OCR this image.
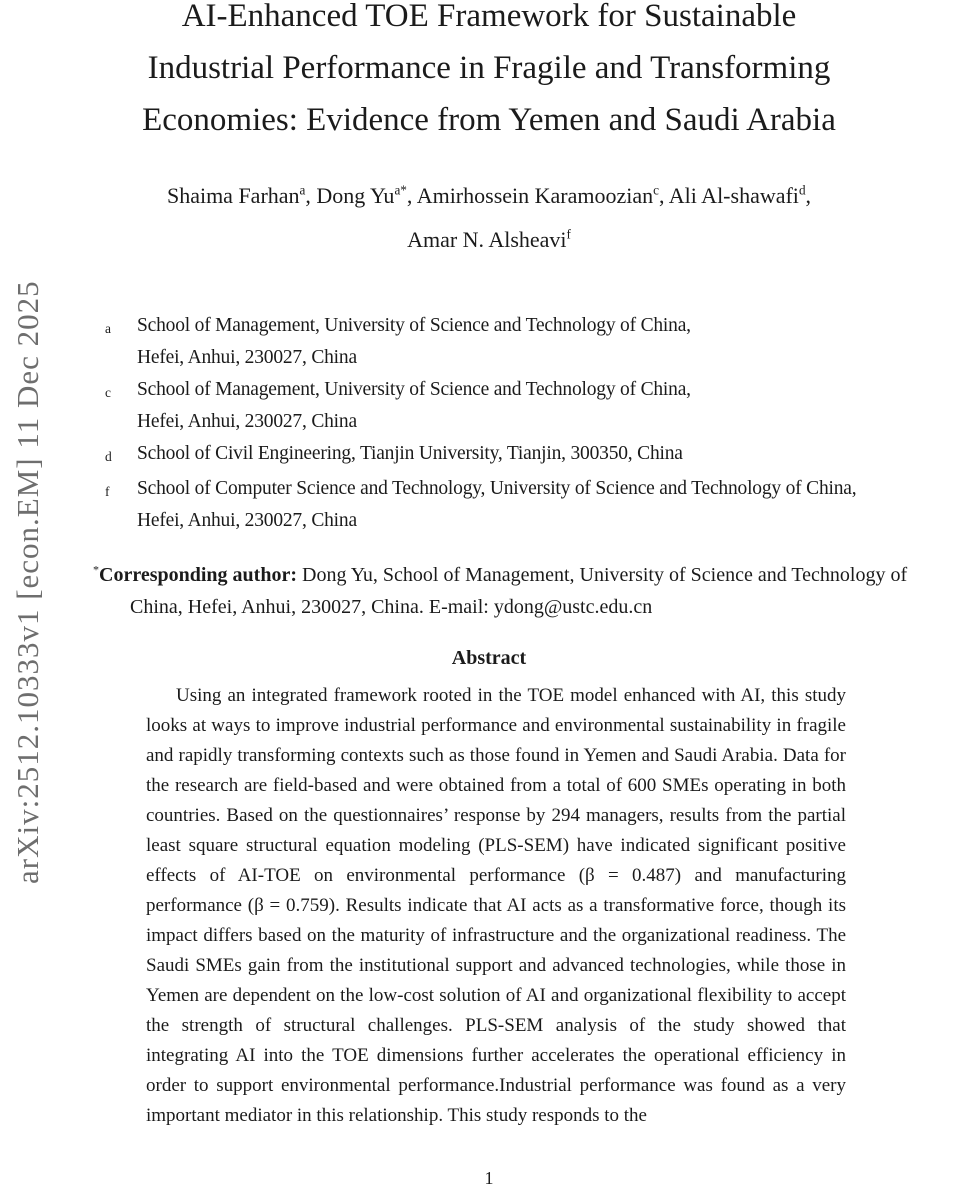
arXiv:2512.10333v1 [econ.EM] 11 Dec 2025
AI-Enhanced TOE Framework for Sustainable
Industrial Performance in Fragile and Transforming
Economies: Evidence from Yemen and Saudi Arabia
Shaima Farhan$^a$, Dong $Yu^{a*}$, Amirhossein Karamoozian$^c$, Ali Al-shawafi$^d$,
Amar N. Alsheavi$^f$
a	School of Management, University of Science and Technology of China,
Hefei, Anhui, 230027, China
c	School of Management, University of Science and Technology of China,
Hefei, Anhui, 230027, China
d	School of Civil Engineering, Tianjin University, Tianjin, 300350, China
f	School of Computer Science and Technology, University of Science and Technology of China,
Hefei, Anhui, 230027, China
*Corresponding author: Dong Yu, School of Management, University of Science and Technology of China, Hefei, Anhui, 230027, China. E-mail: ydong@ustc.edu.cn
Abstract

Using an integrated framework rooted in the TOE model enhanced with AI, this study looks at ways to improve industrial performance and environmental sustainability in fragile and rapidly transforming contexts such as those found in Yemen and Saudi Arabia. Data for the research are field-based and were obtained from a total of 600 SMEs operating in both countries. Based on the questionnaires’ response by 294 managers, results from the partial least square structural equation modeling (PLS-SEM) have indicated significant positive effects of AI-TOE on environmental performance (β = 0.487) and manufacturing performance (β = 0.759). Results indicate that AI acts as a transformative force, though its impact differs based on the maturity of infrastructure and the organizational readiness. The Saudi SMEs gain from the institutional support and advanced technologies, while those in Yemen are dependent on the low-cost solution of AI and organizational flexibility to accept the strength of structural challenges. PLS-SEM analysis of the study showed that integrating AI into the TOE dimensions further accelerates the operational efficiency in order to support environmental performance.Industrial performance was found as a very important mediator in this relationship. This study responds to the

1
